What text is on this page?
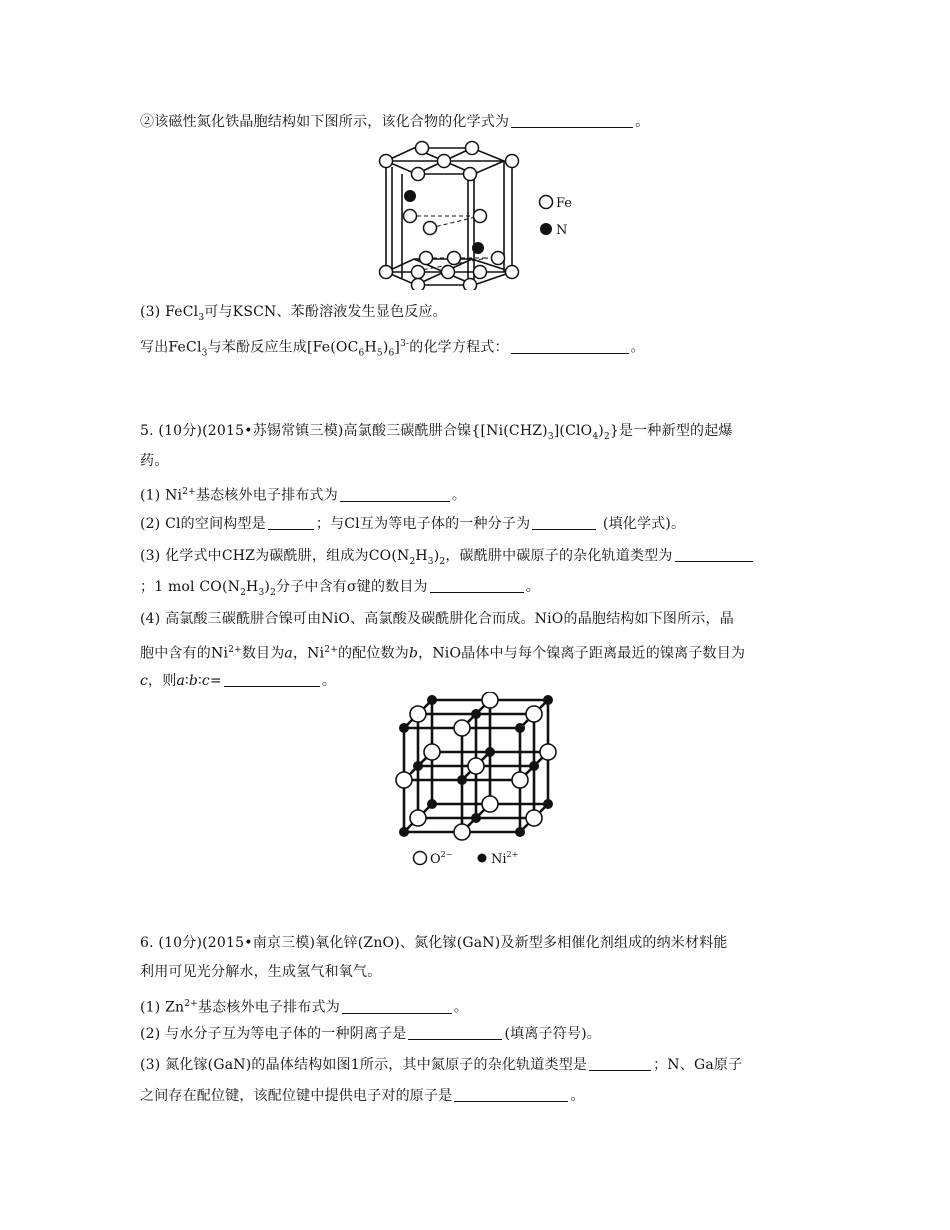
②该磁性氮化铁晶胞结构如下图所示，该化合物的化学式为	。
Fe
N
(3) FeCl$_3$可与KSCN、苯酚溶液发生显色反应。
写出FeCl$_3$与苯酚反应生成$[Fe(OC_6H_5)_6]^{3-}$的化学方程式：	。
5. (10分)(2015•苏锡常镇三模)高氯酸三碳酰肼合镍$\{[Ni(CHZ)_3](ClO_4)_2\}$是一种新型的起爆
药。
(1) $Ni^{2+}$基态核外电子排布式为	。
(2) Cl的空间构型是	；与Cl互为等电子体的一种分子为	(填化学式)。
(3) 化学式中CHZ为碳酰肼，组成为$CO(N_2H_3)_2$，碳酰肼中碳原子的杂化轨道类型为
；1 mol $CO(N_2H_3)_2$分子中含有σ键的数目为	。
(4) 高氯酸三碳酰肼合镍可由NiO、高氯酸及碳酰肼化合而成。NiO的晶胞结构如下图所示，晶
胞中含有的$Ni^{2+}$数目为a，$Ni^{2+}$的配位数为b，NiO晶体中与每个镍离子距离最近的镍离子数目为
c，则a∶b∶c=	。
$O^{2-}$	$Ni^{2+}$
6. (10分)(2015•南京三模)氧化锌(ZnO)、氮化镓(GaN)及新型多相催化剂组成的纳米材料能
利用可见光分解水，生成氢气和氧气。
(1) $Zn^{2+}$基态核外电子排布式为	。
(2) 与水分子互为等电子体的一种阴离子是	(填离子符号)。
(3) 氮化镓(GaN)的晶体结构如图1所示，其中氮原子的杂化轨道类型是	；N、Ga原子
之间存在配位键，该配位键中提供电子对的原子是	。
